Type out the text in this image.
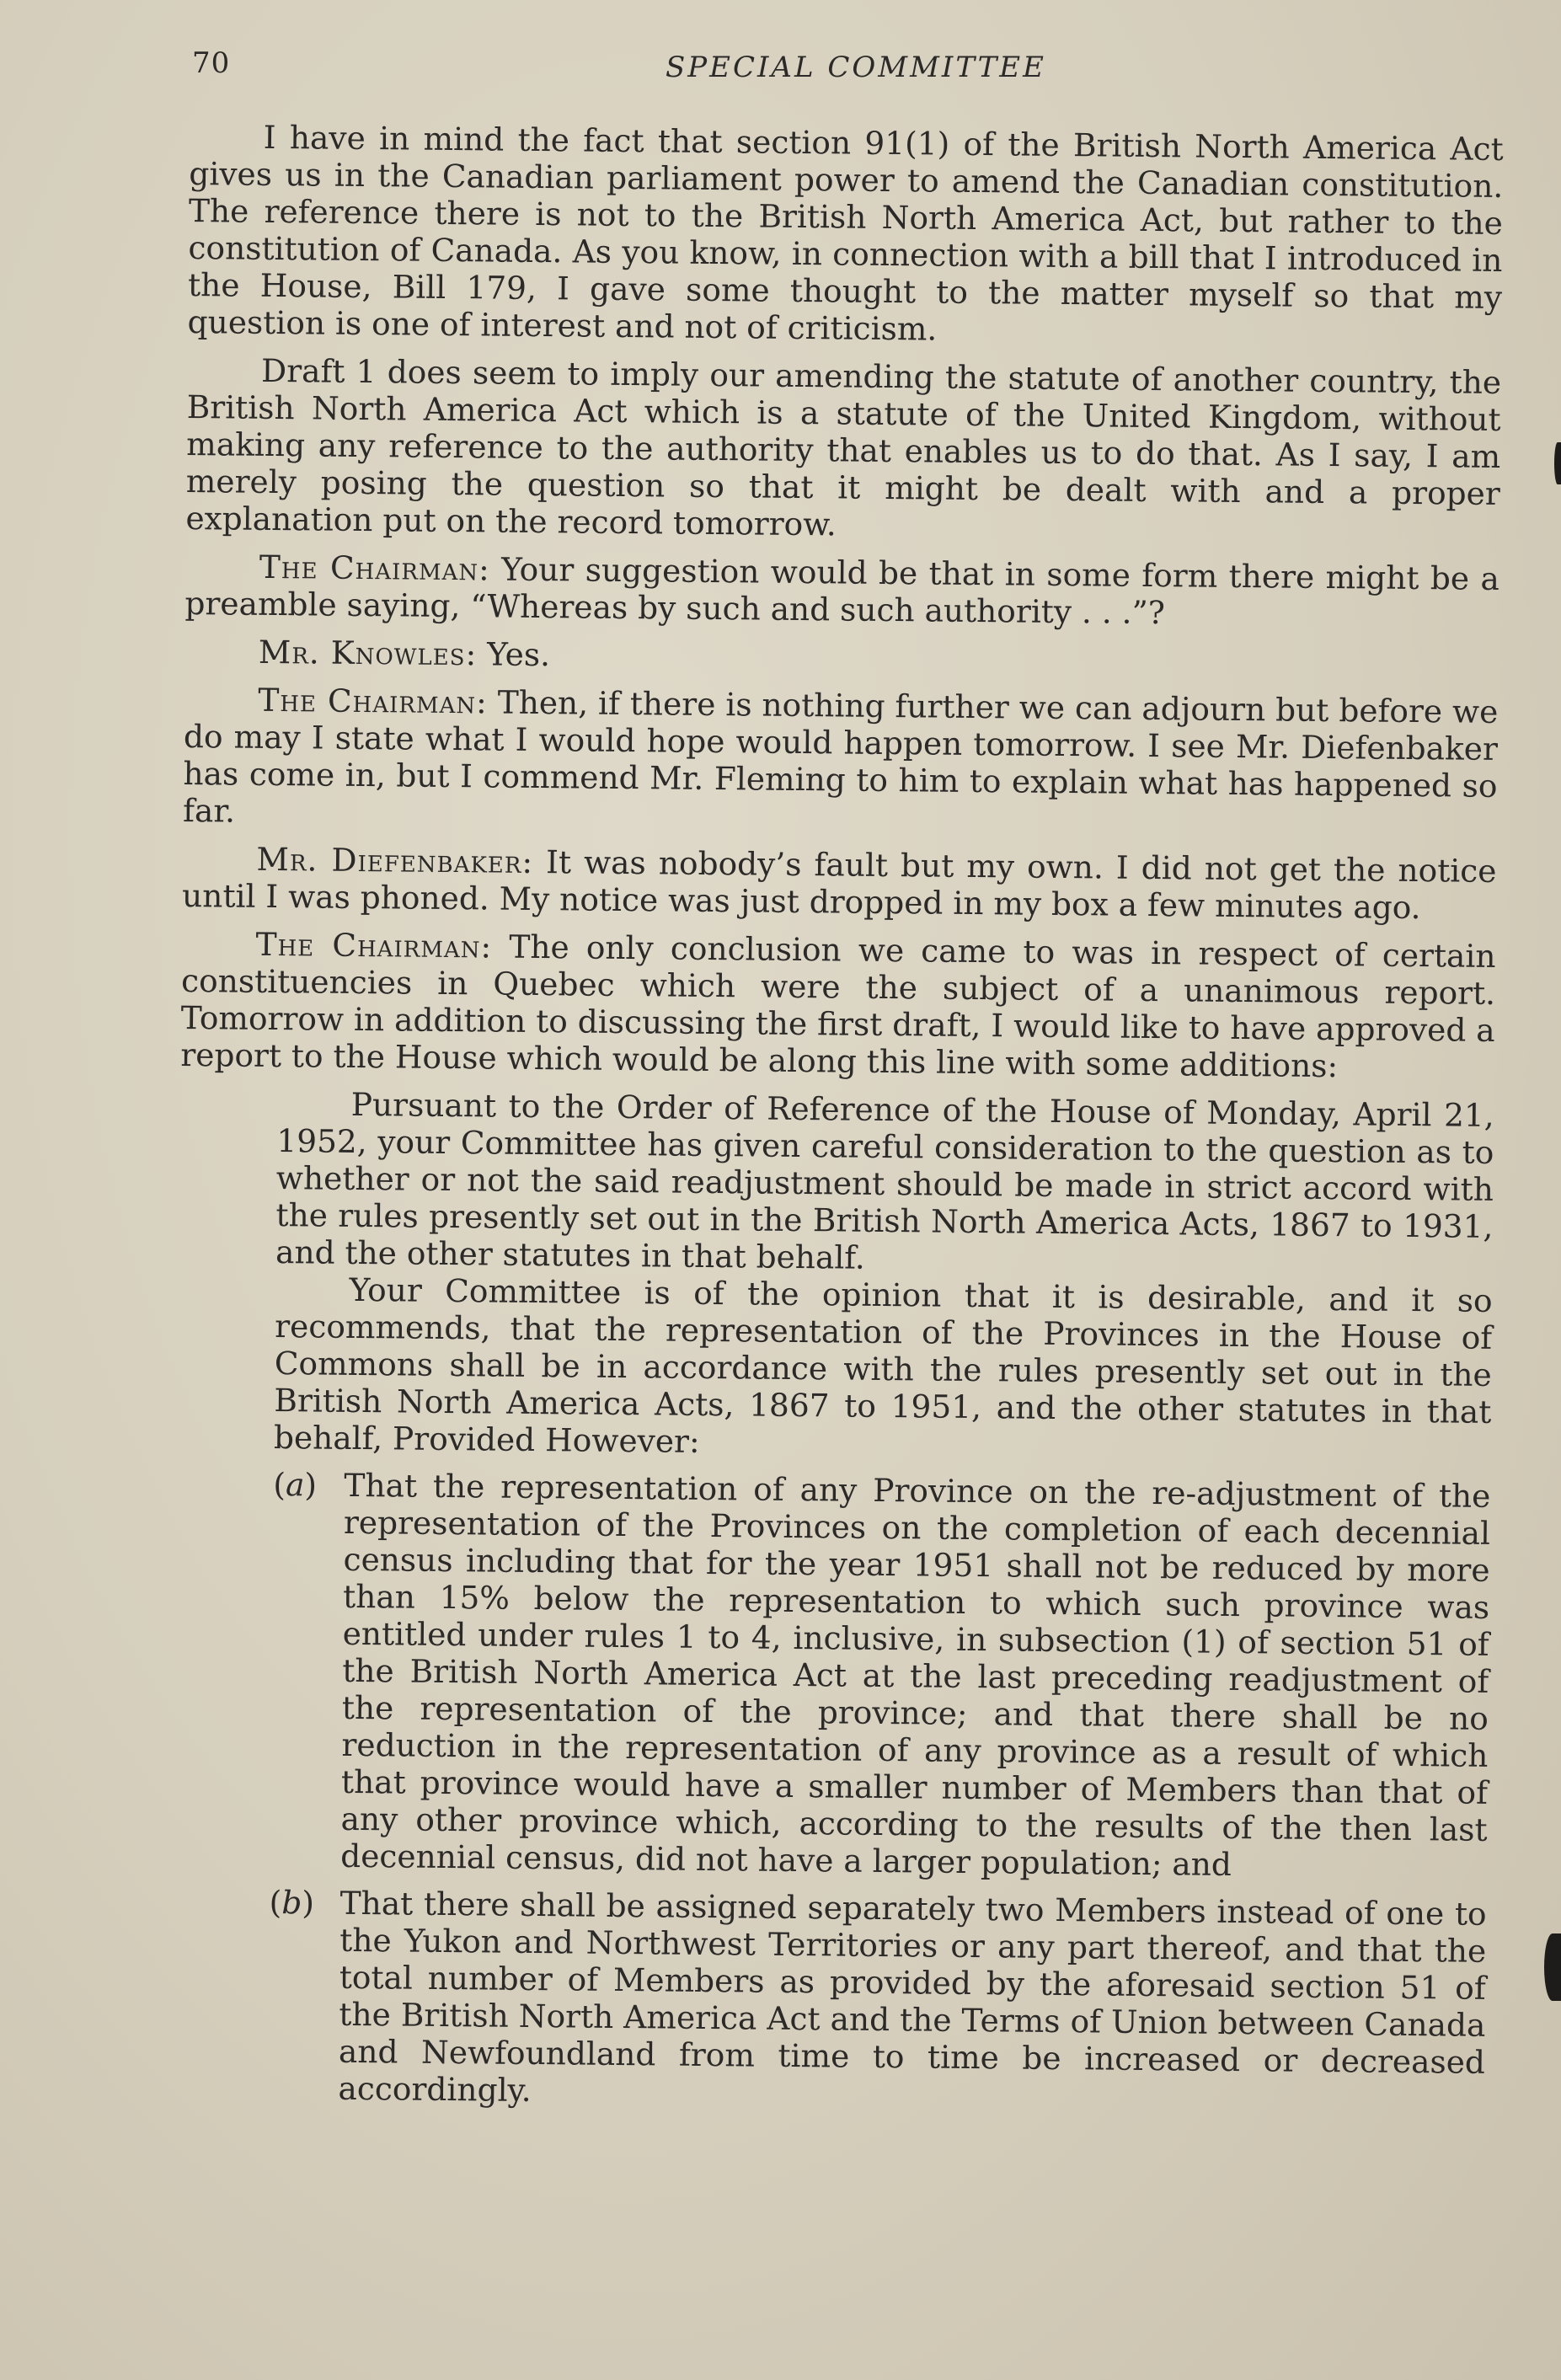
70	SPECIAL COMMITTEE

I have in mind the fact that section 91(1) of the British North America Act gives us in the Canadian parliament power to amend the Canadian constitution. The reference there is not to the British North America Act, but rather to the constitution of Canada. As you know, in connection with a bill that I introduced in the House, Bill 179, I gave some thought to the matter myself so that my question is one of interest and not of criticism.

Draft 1 does seem to imply our amending the statute of another country, the British North America Act which is a statute of the United Kingdom, without making any reference to the authority that enables us to do that. As I say, I am merely posing the question so that it might be dealt with and a proper explanation put on the record tomorrow.

The Chairman: Your suggestion would be that in some form there might be a preamble saying, “Whereas by such and such authority . . .”?

Mr. Knowles: Yes.

The Chairman: Then, if there is nothing further we can adjourn but before we do may I state what I would hope would happen tomorrow. I see Mr. Diefenbaker has come in, but I commend Mr. Fleming to him to explain what has happened so far.

Mr. Diefenbaker: It was nobody’s fault but my own. I did not get the notice until I was phoned. My notice was just dropped in my box a few minutes ago.

The Chairman: The only conclusion we came to was in respect of certain constituencies in Quebec which were the subject of a unanimous report. Tomorrow in addition to discussing the first draft, I would like to have approved a report to the House which would be along this line with some additions:

Pursuant to the Order of Reference of the House of Monday, April 21, 1952, your Committee has given careful consideration to the question as to whether or not the said readjustment should be made in strict accord with the rules presently set out in the British North America Acts, 1867 to 1931, and the other statutes in that behalf.

Your Committee is of the opinion that it is desirable, and it so recommends, that the representation of the Provinces in the House of Commons shall be in accordance with the rules presently set out in the British North America Acts, 1867 to 1951, and the other statutes in that behalf, Provided However:

(a) That the representation of any Province on the re-adjustment of the representation of the Provinces on the completion of each decennial census including that for the year 1951 shall not be reduced by more than 15% below the representation to which such province was entitled under rules 1 to 4, inclusive, in subsection (1) of section 51 of the British North America Act at the last preceding readjustment of the representation of the province; and that there shall be no reduction in the representation of any province as a result of which that province would have a smaller number of Members than that of any other province which, according to the results of the then last decennial census, did not have a larger population; and
(b) That there shall be assigned separately two Members instead of one to the Yukon and Northwest Territories or any part thereof, and that the total number of Members as provided by the aforesaid section 51 of the British North America Act and the Terms of Union between Canada and Newfoundland from time to time be increased or decreased accordingly.
